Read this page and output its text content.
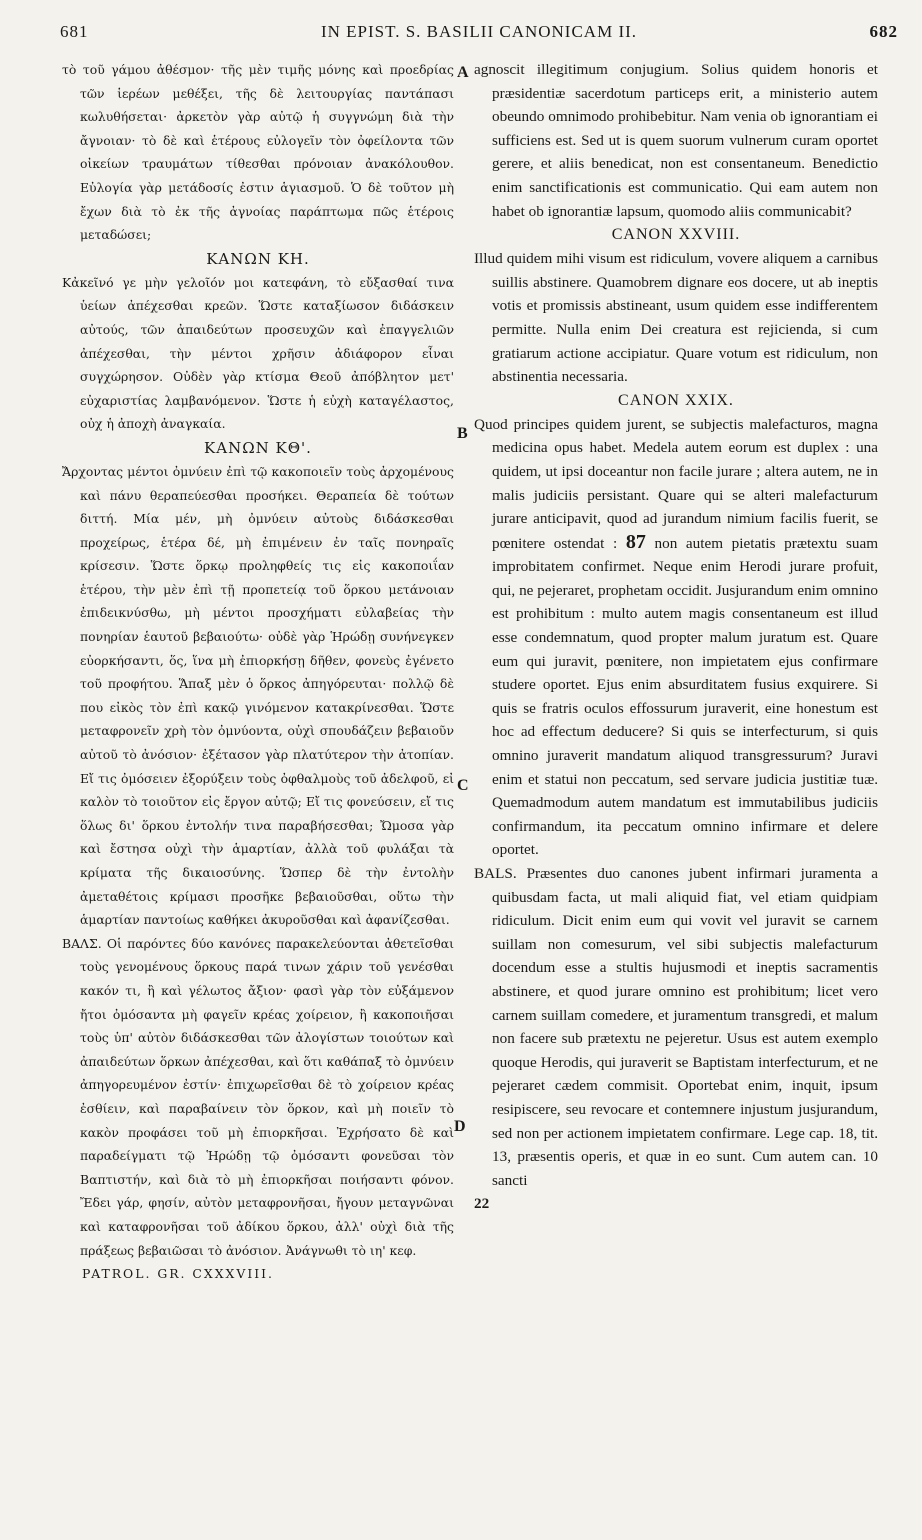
681	IN EPIST. S. BASILII CANONICAM II.	682
A
B
C
D

τὸ τοῦ γάμου ἀθέσμον· τῆς μὲν τιμῆς μόνης καὶ προεδρίας τῶν ἱερέων μεθέξει, τῆς δὲ λειτουργίας παντάπασι κωλυθήσεται· ἀρκετὸν γὰρ αὐτῷ ἡ συγγνώμη διὰ τὴν ἄγνοιαν· τὸ δὲ καὶ ἑτέρους εὐλογεῖν τὸν ὀφείλοντα τῶν οἰκείων τραυμάτων τίθεσθαι πρόνοιαν ἀνακόλουθον. Εὐλογία γὰρ μετάδοσίς ἐστιν ἁγιασμοῦ. Ὁ δὲ τοῦτον μὴ ἔχων διὰ τὸ ἐκ τῆς ἀγνοίας παράπτωμα πῶς ἑτέροις μεταδώσει;

ΚΑΝΩΝ ΚΗ.

Κἀκεῖνό γε μὴν γελοῖόν μοι κατεφάνη, τὸ εὔξασθαί τινα ὑείων ἀπέχεσθαι κρεῶν. Ὥστε καταξίωσον διδάσκειν αὐτούς, τῶν ἀπαιδεύτων προσευχῶν καὶ ἐπαγγελιῶν ἀπέχεσθαι, τὴν μέντοι χρῆσιν ἀδιάφορον εἶναι συγχώρησον. Οὐδὲν γὰρ κτίσμα Θεοῦ ἀπόβλητον μετ' εὐχαριστίας λαμβανόμενον. Ὥστε ἡ εὐχὴ καταγέλαστος, οὐχ ἡ ἀποχὴ ἀναγκαία.

ΚΑΝΩΝ ΚΘ'.

Ἄρχοντας μέντοι ὀμνύειν ἐπὶ τῷ κακοποιεῖν τοὺς ἀρχομένους καὶ πάνυ θεραπεύεσθαι προσήκει. Θεραπεία δὲ τούτων διττή. Μία μέν, μὴ ὀμνύειν αὐτοὺς διδάσκεσθαι προχείρως, ἑτέρα δέ, μὴ ἐπιμένειν ἐν ταῖς πονηραῖς κρίσεσιν. Ὥστε ὅρκῳ προληφθείς τις εἰς κακοποιΐαν ἑτέρου, τὴν μὲν ἐπὶ τῇ προπετείᾳ τοῦ ὅρκου μετάνοιαν ἐπιδεικνύσθω, μὴ μέντοι προσχήματι εὐλαβείας τὴν πονηρίαν ἑαυτοῦ βεβαιούτω· οὐδὲ γὰρ Ἡρώδῃ συνήνεγκεν εὐορκήσαντι, ὅς, ἵνα μὴ ἐπιορκήσῃ δῆθεν, φονεὺς ἐγένετο τοῦ προφήτου. Ἅπαξ μὲν ὁ ὅρκος ἀπηγόρευται· πολλῷ δὲ που εἰκὸς τὸν ἐπὶ κακῷ γινόμενον κατακρίνεσθαι. Ὥστε μεταφρονεῖν χρὴ τὸν ὀμνύοντα, οὐχὶ σπουδάζειν βεβαιοῦν αὐτοῦ τὸ ἀνόσιον· ἐξέτασον γὰρ πλατύτερον τὴν ἀτοπίαν. Εἴ τις ὀμόσειεν ἐξορύξειν τοὺς ὀφθαλμοὺς τοῦ ἀδελφοῦ, εἰ καλὸν τὸ τοιοῦτον εἰς ἔργον αὐτῷ; Εἴ τις φονεύσειν, εἴ τις ὅλως δι' ὅρκου ἐντολήν τινα παραβήσεσθαι; Ὤμοσα γὰρ καὶ ἔστησα οὐχὶ τὴν ἁμαρτίαν, ἀλλὰ τοῦ φυλάξαι τὰ κρίματα τῆς δικαιοσύνης. Ὥσπερ δὲ τὴν ἐντολὴν ἀμεταθέτοις κρίμασι προσῆκε βεβαιοῦσθαι, οὕτω τὴν ἁμαρτίαν παντοίως καθήκει ἀκυροῦσθαι καὶ ἀφανίζεσθαι.

ΒΑΛΣ. Οἱ παρόντες δύο κανόνες παρακελεύονται ἀθετεῖσθαι τοὺς γενομένους ὅρκους παρά τινων χάριν τοῦ γενέσθαι κακόν τι, ἢ καὶ γέλωτος ἄξιον· φασὶ γὰρ τὸν εὐξάμενον ἤτοι ὀμόσαντα μὴ φαγεῖν κρέας χοίρειον, ἢ κακοποιῆσαι τοὺς ὑπ' αὐτὸν διδάσκεσθαι τῶν ἀλογίστων τοιούτων καὶ ἀπαιδεύτων ὅρκων ἀπέχεσθαι, καὶ ὅτι καθάπαξ τὸ ὀμνύειν ἀπηγορευμένον ἐστίν· ἐπιχωρεῖσθαι δὲ τὸ χοίρειον κρέας ἐσθίειν, καὶ παραβαίνειν τὸν ὅρκον, καὶ μὴ ποιεῖν τὸ κακὸν προφάσει τοῦ μὴ ἐπιορκῆσαι. Ἐχρήσατο δὲ καὶ παραδείγματι τῷ Ἡρώδῃ τῷ ὀμόσαντι φονεῦσαι τὸν Βαπτιστήν, καὶ διὰ τὸ μὴ ἐπιορκῆσαι ποιήσαντι φόνον. Ἔδει γάρ, φησίν, αὐτὸν μεταφρονῆσαι, ἤγουν μεταγνῶναι καὶ καταφρονῆσαι τοῦ ἀδίκου ὅρκου, ἀλλ' οὐχὶ διὰ τῆς πράξεως βεβαιῶσαι τὸ ἀνόσιον. Ἀνάγνωθι τὸ ιη' κεφ.

PATROL. GR. CXXXVIII.

agnoscit illegitimum conjugium. Solius quidem honoris et præsidentiæ sacerdotum particeps erit, a ministerio autem obeundo omnimodo prohibebitur. Nam venia ob ignorantiam ei sufficiens est. Sed ut is quem suorum vulnerum curam oportet gerere, et aliis benedicat, non est consentaneum. Benedictio enim sanctificationis est communicatio. Qui eam autem non habet ob ignorantiæ lapsum, quomodo aliis communicabit?

CANON XXVIII.

Illud quidem mihi visum est ridiculum, vovere aliquem a carnibus suillis abstinere. Quamobrem dignare eos docere, ut ab ineptis votis et promissis abstineant, usum quidem esse indifferentem permitte. Nulla enim Dei creatura est rejicienda, si cum gratiarum actione accipiatur. Quare votum est ridiculum, non abstinentia necessaria.

CANON XXIX.

Quod principes quidem jurent, se subjectis malefacturos, magna medicina opus habet. Medela autem eorum est duplex : una quidem, ut ipsi doceantur non facile jurare ; altera autem, ne in malis judiciis persistant. Quare qui se alteri malefacturum jurare anticipavit, quod ad jurandum nimium facilis fuerit, se pœnitere ostendat : 87 non autem pietatis prætextu suam improbitatem confirmet. Neque enim Herodi jurare profuit, qui, ne pejeraret, prophetam occidit. Jusjurandum enim omnino est prohibitum : multo autem magis consentaneum est illud esse condemnatum, quod propter malum juratum est. Quare eum qui juravit, pœnitere, non impietatem ejus confirmare studere oportet. Ejus enim absurditatem fusius exquirere. Si quis se fratris oculos effossurum juraverit, eine honestum est hoc ad effectum deducere? Si quis se interfecturum, si quis omnino juraverit mandatum aliquod transgressurum? Juravi enim et statui non peccatum, sed servare judicia justitiæ tuæ. Quemadmodum autem mandatum est immutabilibus judiciis confirmandum, ita peccatum omnino infirmare et delere oportet.

BALS. Præsentes duo canones jubent infirmari juramenta a quibusdam facta, ut mali aliquid fiat, vel etiam quidpiam ridiculum. Dicit enim eum qui vovit vel juravit se carnem suillam non comesurum, vel sibi subjectis malefacturum docendum esse a stultis hujusmodi et ineptis sacramentis abstinere, et quod jurare omnino est prohibitum; licet vero carnem suillam comedere, et juramentum transgredi, et malum non facere sub prætextu ne pejeretur. Usus est autem exemplo quoque Herodis, qui juraverit se Baptistam interfecturum, et ne pejeraret cædem commisit. Oportebat enim, inquit, ipsum resipiscere, seu revocare et contemnere injustum jusjurandum, sed non per actionem impietatem confirmare. Lege cap. 18, tit. 13, præsentis operis, et quæ in eo sunt. Cum autem can. 10 sancti

22
